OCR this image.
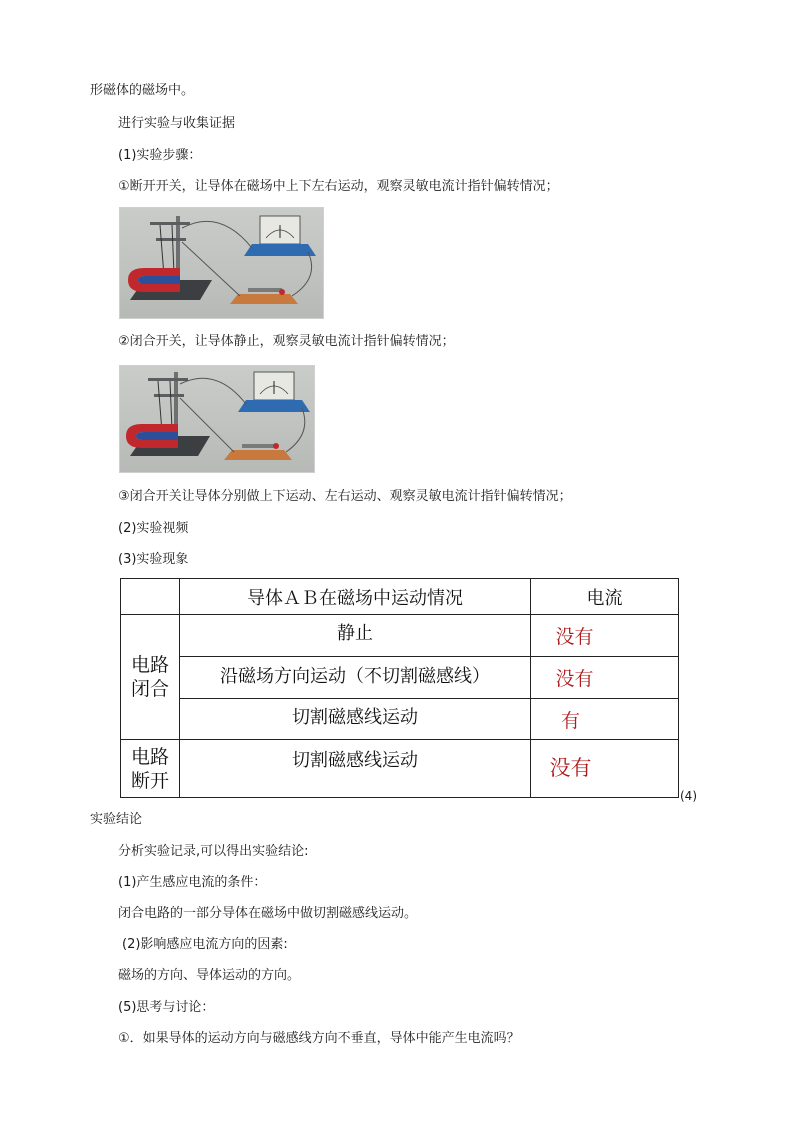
形磁体的磁场中。
进行实验与收集证据
(1)实验步骤：
①断开开关，让导体在磁场中上下左右运动，观察灵敏电流计指针偏转情况；
②闭合开关，让导体静止，观察灵敏电流计指针偏转情况；
③闭合开关让导体分别做上下运动、左右运动、观察灵敏电流计指针偏转情况；
(2)实验视频
(3)实验现象
	导体ＡＢ在磁场中运动情况	电流

电路
闭合	静止	没有
	沿磁场方向运动（不切割磁感线）	没有
	切割磁感线运动	有

电路
断开	切割磁感线运动	没有
(4)
实验结论
分析实验记录,可以得出实验结论:
(1)产生感应电流的条件：
闭合电路的一部分导体在磁场中做切割磁感线运动。
(2)影响感应电流方向的因素:
磁场的方向、导体运动的方向。
(5)思考与讨论：
①．如果导体的运动方向与磁感线方向不垂直，导体中能产生电流吗？
